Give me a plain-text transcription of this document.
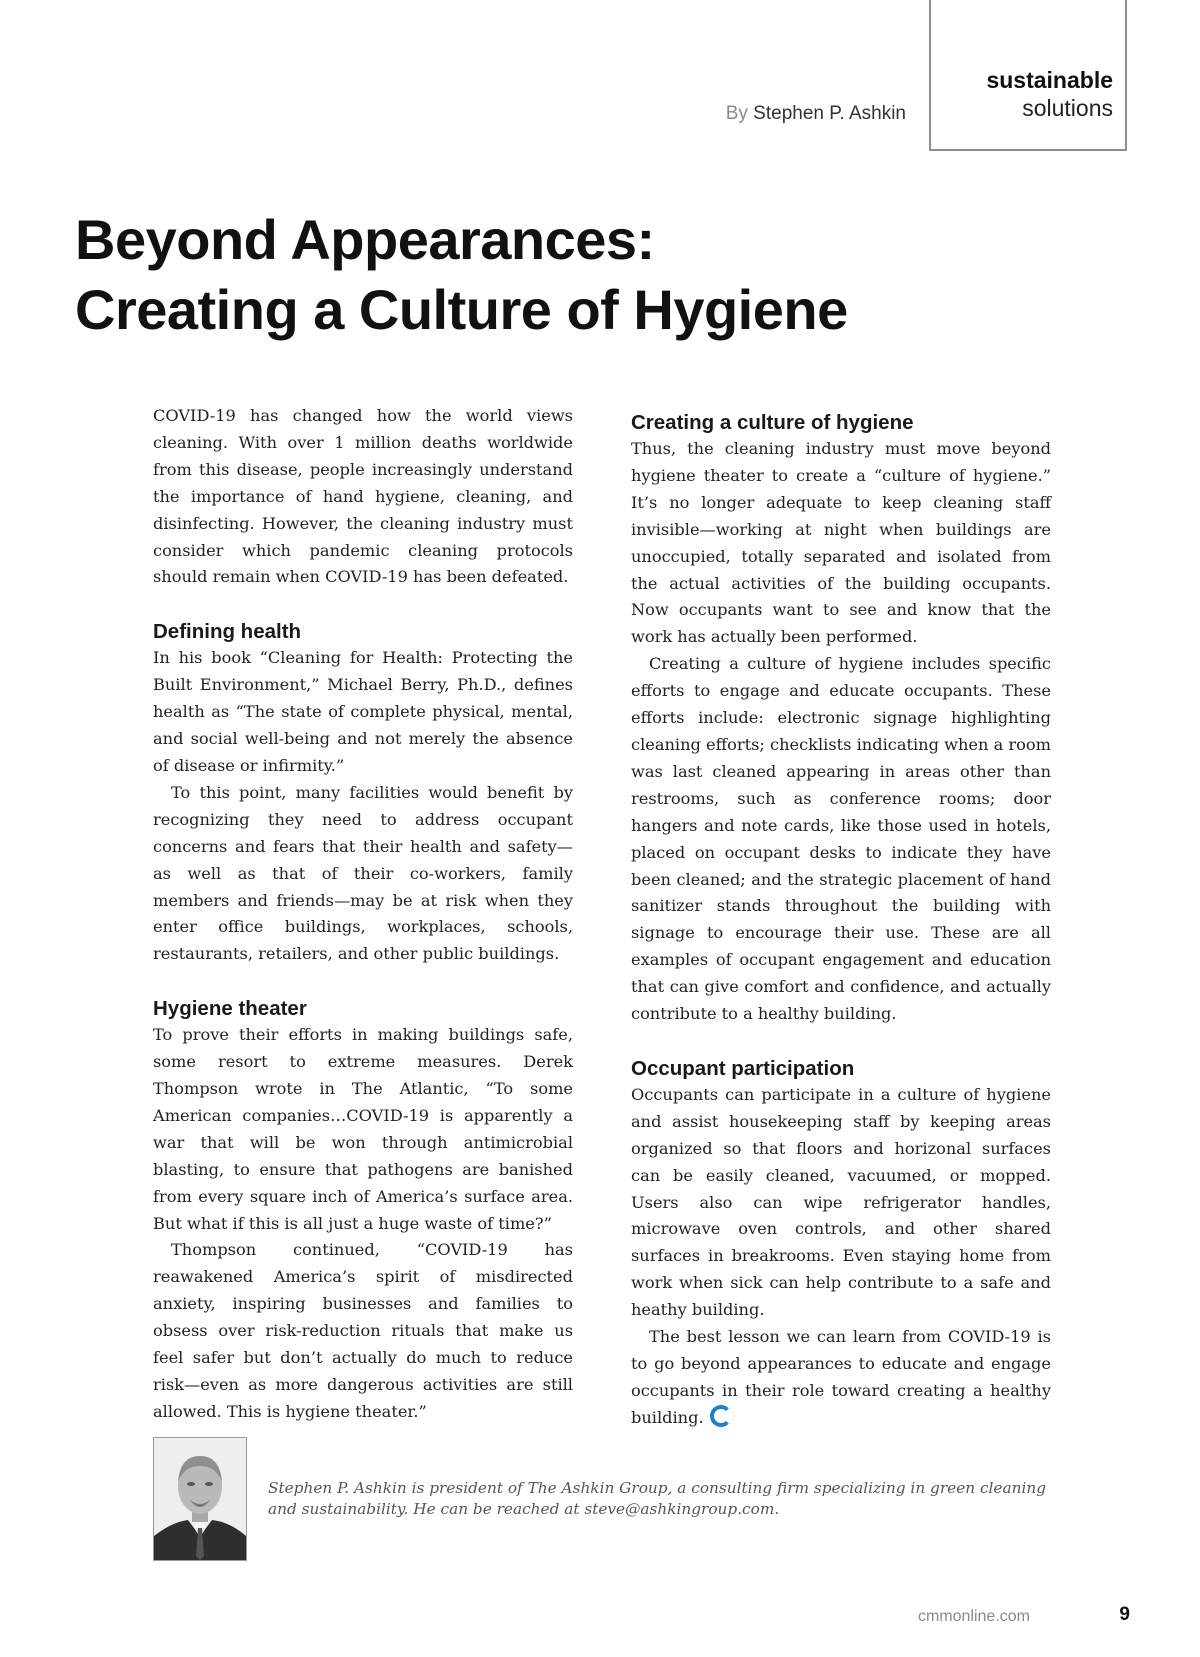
sustainable
solutions
By Stephen P. Ashkin
Beyond Appearances:
Creating a Culture of Hygiene

COVID-19 has changed how the world views cleaning. With over 1 million deaths worldwide from this disease, people increasingly understand the importance of hand hygiene, cleaning, and disinfecting. However, the cleaning industry must consider which pandemic cleaning protocols should remain when COVID-19 has been defeated.

Defining health

In his book “Cleaning for Health: Protecting the Built Environment,” Michael Berry, Ph.D., defines health as “The state of complete physical, mental, and social well-being and not merely the absence of disease or infirmity.”

To this point, many facilities would benefit by recognizing they need to address occupant concerns and fears that their health and safety—as well as that of their co-workers, family members and friends—may be at risk when they enter office buildings, workplaces, schools, restaurants, retailers, and other public buildings.

Hygiene theater

To prove their efforts in making buildings safe, some resort to extreme measures. Derek Thompson wrote in The Atlantic, “To some American companies…COVID-19 is apparently a war that will be won through antimicrobial blasting, to ensure that pathogens are banished from every square inch of America’s surface area. But what if this is all just a huge waste of time?”

Thompson continued, “COVID-19 has reawakened America’s spirit of misdirected anxiety, inspiring businesses and families to obsess over risk-reduction rituals that make us feel safer but don’t actually do much to reduce risk—even as more dangerous activities are still allowed. This is hygiene theater.”

Creating a culture of hygiene

Thus, the cleaning industry must move beyond hygiene theater to create a “culture of hygiene.” It’s no longer adequate to keep cleaning staff invisible—working at night when buildings are unoccupied, totally separated and isolated from the actual activities of the building occupants. Now occupants want to see and know that the work has actually been performed.

Creating a culture of hygiene includes specific efforts to engage and educate occupants. These efforts include: electronic signage highlighting cleaning efforts; checklists indicating when a room was last cleaned appearing in areas other than restrooms, such as conference rooms; door hangers and note cards, like those used in hotels, placed on occupant desks to indicate they have been cleaned; and the strategic placement of hand sanitizer stands throughout the building with signage to encourage their use. These are all examples of occupant engagement and education that can give comfort and confidence, and actually contribute to a healthy building.

Occupant participation

Occupants can participate in a culture of hygiene and assist housekeeping staff by keeping areas organized so that floors and horizonal surfaces can be easily cleaned, vacuumed, or mopped. Users also can wipe refrigerator handles, microwave oven controls, and other shared surfaces in breakrooms. Even staying home from work when sick can help contribute to a safe and heathy building.

The best lesson we can learn from COVID-19 is to go beyond appearances to educate and engage occupants in their role toward creating a healthy building.

Stephen P. Ashkin is president of The Ashkin Group, a consulting firm specializing in green cleaning and sustainability. He can be reached at steve@ashkingroup.com.

cmmonline.com	9
